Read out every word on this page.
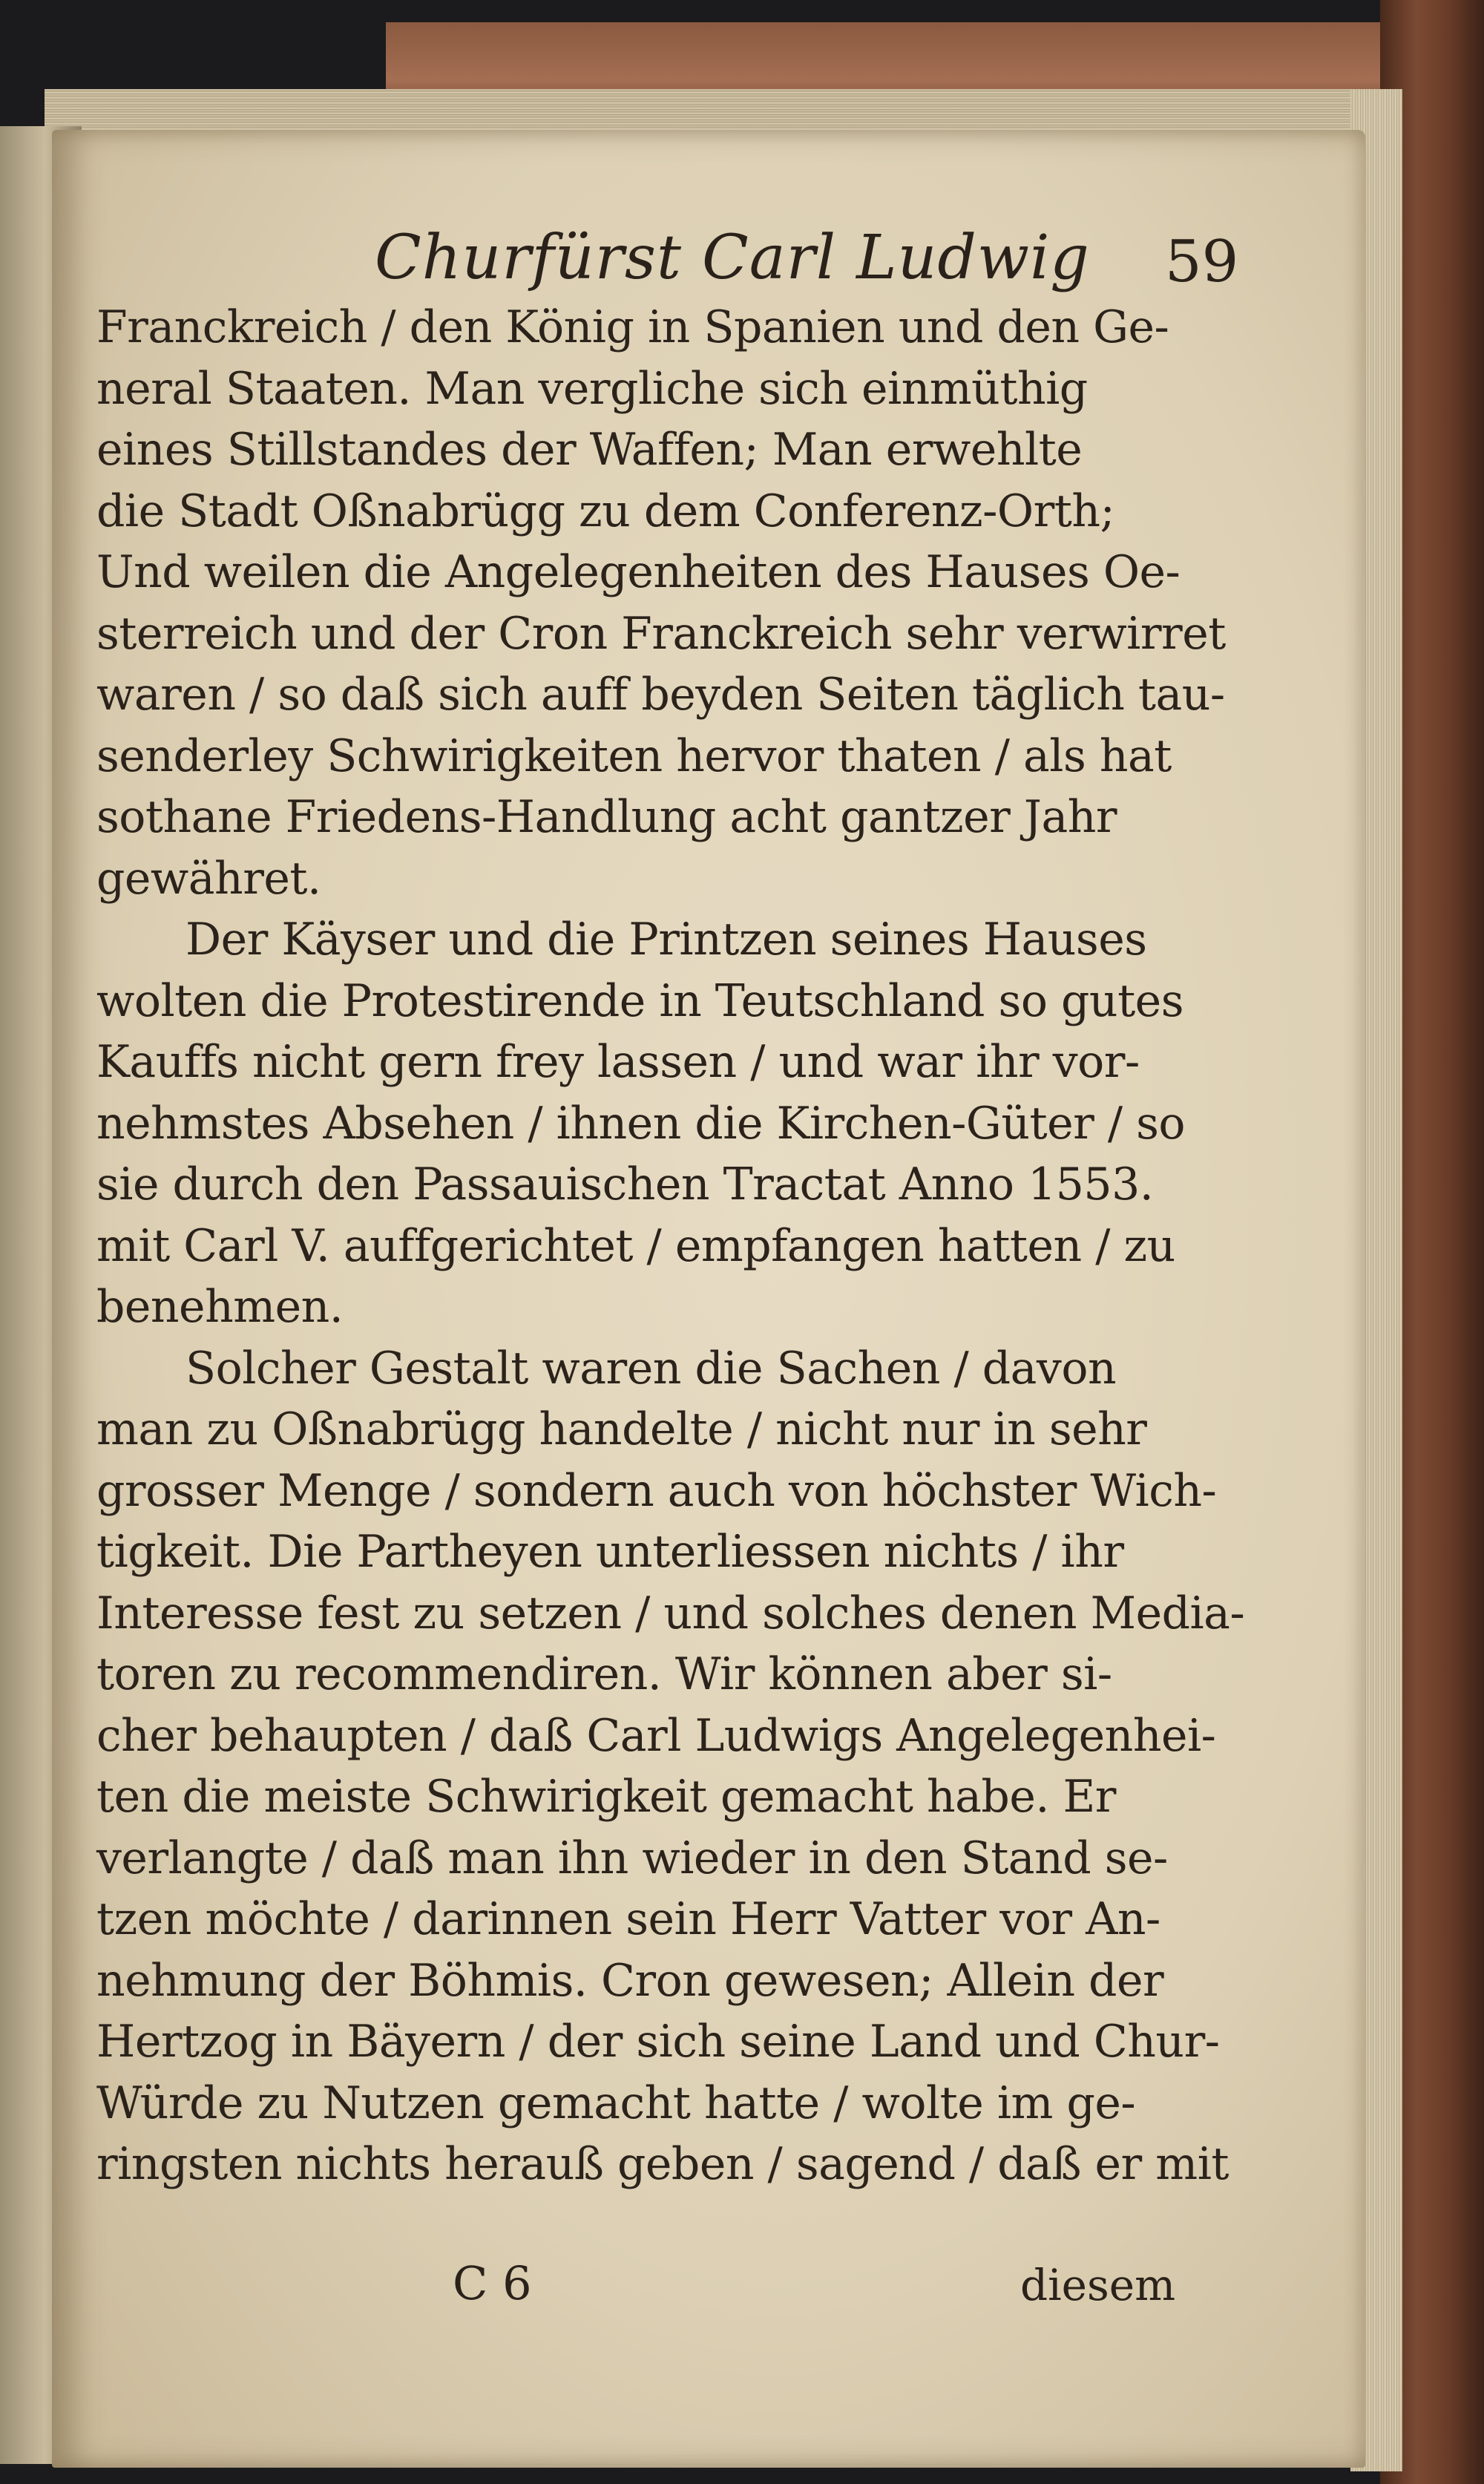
Churfürst Carl Ludwig 59
Franckreich / den König in Spanien und den Ge-
neral Staaten. Man vergliche sich einmüthig
eines Stillstandes der Waffen; Man erwehlte
die Stadt Oßnabrügg zu dem Conferenz-Orth;
Und weilen die Angelegenheiten des Hauses Oe-
sterreich und der Cron Franckreich sehr verwirret
waren / so daß sich auff beyden Seiten täglich tau-
senderley Schwirigkeiten hervor thaten / als hat
sothane Friedens-Handlung acht gantzer Jahr
gewähret.
Der Käyser und die Printzen seines Hauses
wolten die Protestirende in Teutschland so gutes
Kauffs nicht gern frey lassen / und war ihr vor-
nehmstes Absehen / ihnen die Kirchen-Güter / so
sie durch den Passauischen Tractat Anno 1553.
mit Carl V. auffgerichtet / empfangen hatten / zu
benehmen.
Solcher Gestalt waren die Sachen / davon
man zu Oßnabrügg handelte / nicht nur in sehr
grosser Menge / sondern auch von höchster Wich-
tigkeit. Die Partheyen unterliessen nichts / ihr
Interesse fest zu setzen / und solches denen Media-
toren zu recommendiren. Wir können aber si-
cher behaupten / daß Carl Ludwigs Angelegenhei-
ten die meiste Schwirigkeit gemacht habe. Er
verlangte / daß man ihn wieder in den Stand se-
tzen möchte / darinnen sein Herr Vatter vor An-
nehmung der Böhmis. Cron gewesen; Allein der
Hertzog in Bäyern / der sich seine Land und Chur-
Würde zu Nutzen gemacht hatte / wolte im ge-
ringsten nichts herauß geben / sagend / daß er mit
C 6	diesem
